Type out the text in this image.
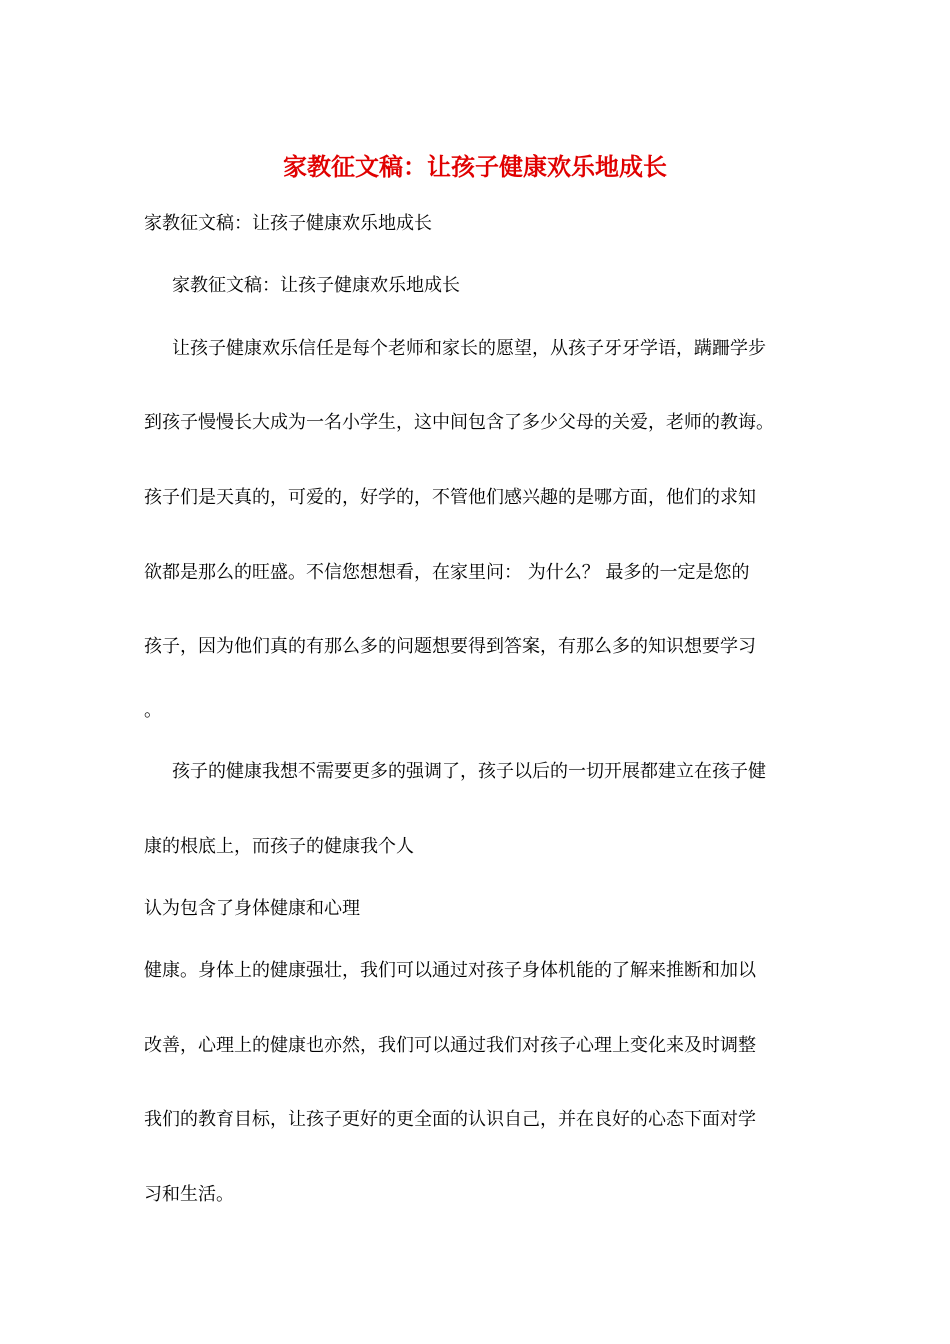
家教征文稿：让孩子健康欢乐地成长
家教征文稿：让孩子健康欢乐地成长
家教征文稿：让孩子健康欢乐地成长
让孩子健康欢乐信任是每个老师和家长的愿望，从孩子牙牙学语，蹒跚学步
到孩子慢慢长大成为一名小学生，这中间包含了多少父母的关爱，老师的教诲。
孩子们是天真的，可爱的，好学的，不管他们感兴趣的是哪方面，他们的求知
欲都是那么的旺盛。不信您想想看，在家里问： 为什么？ 最多的一定是您的
孩子，因为他们真的有那么多的问题想要得到答案，有那么多的知识想要学习
。
孩子的健康我想不需要更多的强调了，孩子以后的一切开展都建立在孩子健
康的根底上，而孩子的健康我个人
认为包含了身体健康和心理
健康。身体上的健康强壮，我们可以通过对孩子身体机能的了解来推断和加以
改善，心理上的健康也亦然，我们可以通过我们对孩子心理上变化来及时调整
我们的教育目标，让孩子更好的更全面的认识自己，并在良好的心态下面对学
习和生活。
